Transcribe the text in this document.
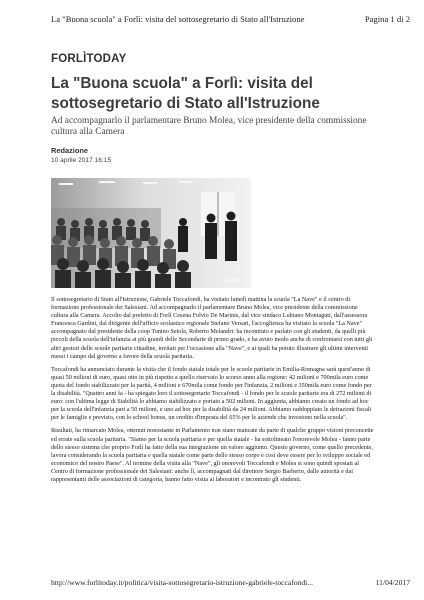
La "Buona scuola" a Forlì: visita del sottosegretario di Stato all'Istruzione	Pagina 1 di 2
FORLÌTODAY
La "Buona scuola" a Forlì: visita del sottosegretario di Stato all'Istruzione

Ad accompagnarlo il parlamentare Bruno Molea, vice presidente della commissione cultura alla Camera

Redazione
10 aprile 2017 16:15
TODAY

Il sottosegretario di Stato all'Istruzione, Gabriele Toccafondi, ha visitato lunedì mattina la scuola "La Nave" e il centro di formazione professionale dei Salesiani. Ad accompagnarlo il parlamentare Bruno Molea, vice presidente della commissione cultura alla Camera. Accolto dal prefetto di Forlì Cesena Fulvio De Marinis, dal vice sindaco Lubiano Montaguti, dall'assessora Francesca Gardini, dal dirigente dell'ufficio scolastico regionale Stefano Versari, l'accoglienza ha visitato la scuola "La Nave" accompagnato dal presidente della coop Tonino Setola, Roberto Melandri: ha incontrato e parlato con gli studenti, da quelli più piccoli della scuola dell'infanzia ai più grandi delle Secondarie di primo grado, e ha avuto modo anche di confrontarsi con tutti gli altri gestori delle scuole paritarie cittadine, invitati per l'occasione alla "Nave", e ai quali ha potuto illustrare gli ultimi interventi messi i campo dal governo a favore della scuola paritaria.

Toccafondi ha annunciato durante la visita che il fondo statale totale per le scuole paritarie in Emilia-Romagna sarà quest'anno di quasi 50 milioni di euro, quasi otto in più rispetto a quello riservato lo scorso anno alla regione: 42 milioni e 700mila euro come quota del fondo stabilizzato per la parità, 4 milioni e 670mila come fondo per l'infanzia, 2 milioni e 350mila euro come fondo per la disabilità. "Quattro anni fa - ha spiegato loro il sottosegretario Toccafondi - il fondo per le scuole paritarie era di 272 milioni di euro: con l'ultima legge di Stabilità lo abbiamo stabilizzato e portato a 502 milioni. In aggiunta, abbiamo creato un fondo ad hoc per la scuola dell'infanzia pari a 50 milioni, e uno ad hoc per la disabilità da 24 milioni. Abbiamo raddoppiato le detrazioni fiscali per le famiglie e previsto, con lo school bonus, un credito d'imposta del 65% per le aziende che investono nella scuola".

Risultati, ha rimarcato Molea, ottenuti nonostante in Parlamento non siano mancate da parte di qualche gruppo visioni preconcette ed errate sulla scuola paritaria. "Siamo per la scuola paritaria e per quella statale - ha sottolineato l'onorevole Molea - fanno parte dello stesso sistema che proprio Forlì ha fatto della sua integrazione un valore aggiunto. Questo governo, come quello precedente, lavora considerando la scuola paritaria e quella statale come parte dello stesso corpo e così deve essere per lo sviluppo sociale ed economico del nostro Paese". Al termine della visita alla "Nave", gli onorevoli Toccafondi e Molea si sono quindi spostati al Centro di formazione professionale dei Salesiani: anche lì, accompagnati dal direttore Sergio Barberio, dalle autorità e dai rappresentanti delle associazioni di categoria, hanno fatto visita ai laboratori e incontrato gli studenti.

http://www.forlitoday.it/politica/visita-sottosegretario-istruzione-gabriele-toccafondi...	11/04/2017
